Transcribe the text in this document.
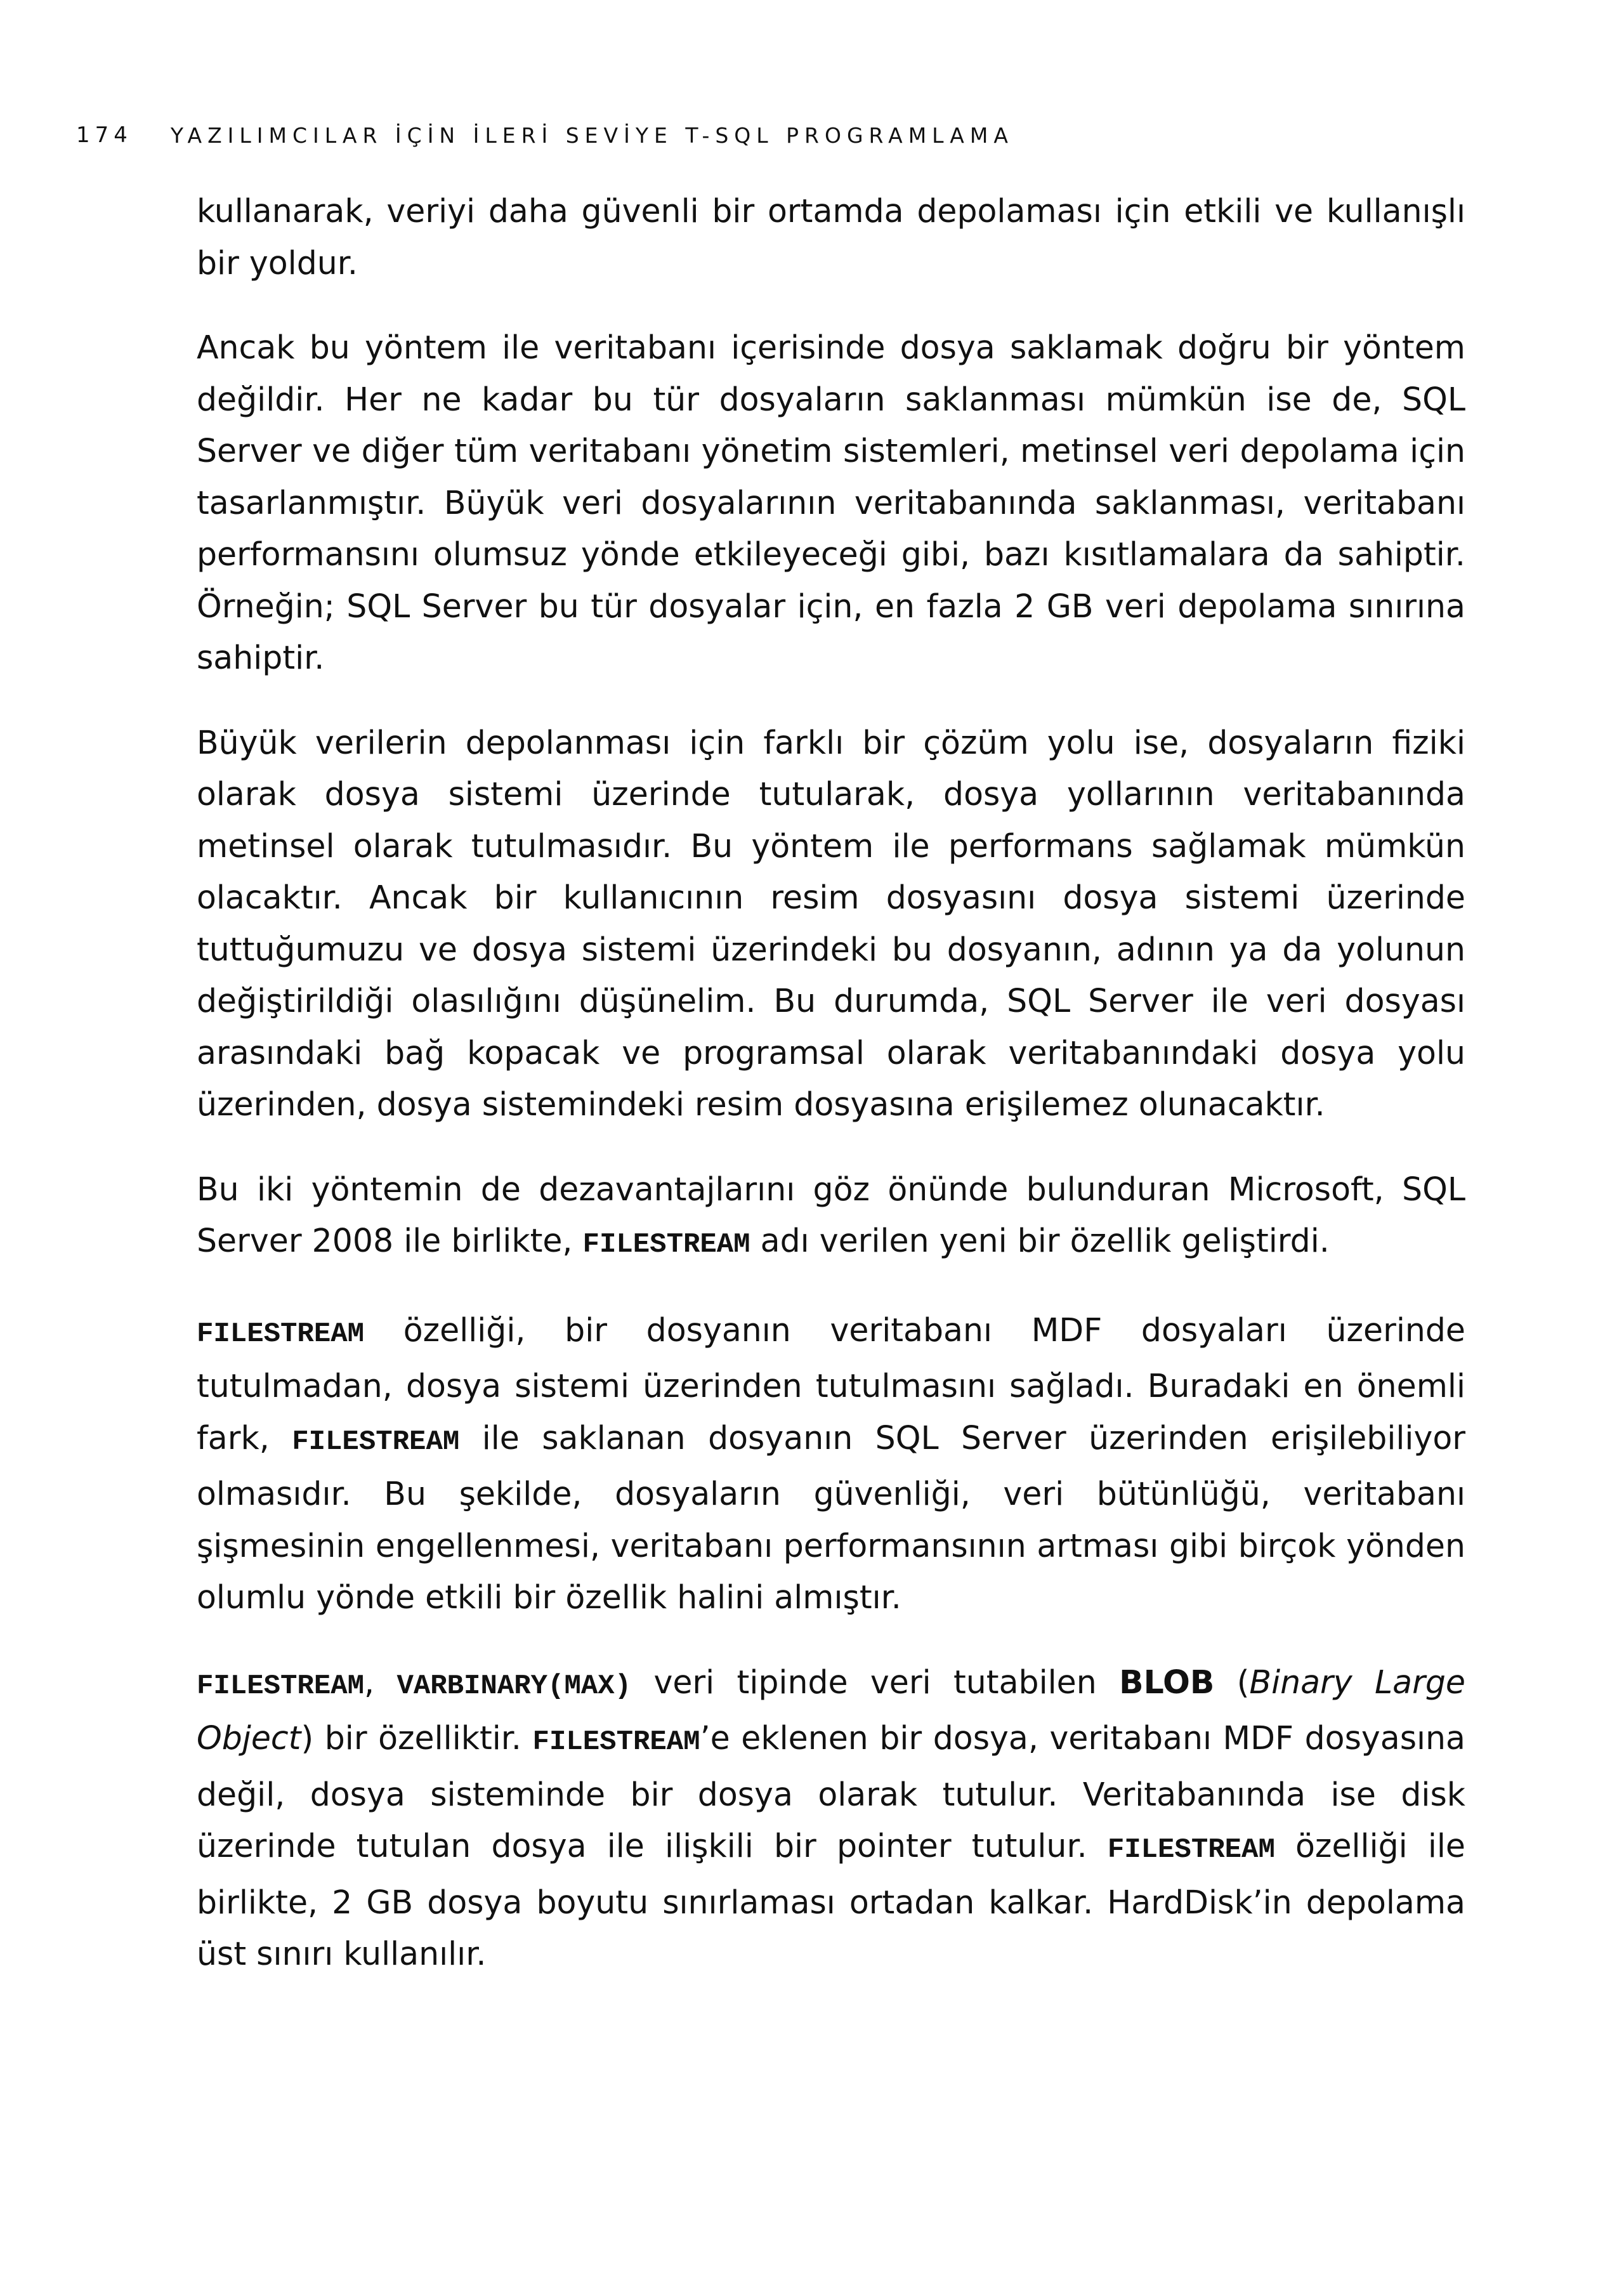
174 YAZILIMCILAR İÇİN İLERİ SEVİYE T-SQL PROGRAMLAMA

kullanarak, veriyi daha güvenli bir ortamda depolaması için etkili ve kullanışlı bir yoldur.

Ancak bu yöntem ile veritabanı içerisinde dosya saklamak doğru bir yöntem değildir. Her ne kadar bu tür dosyaların saklanması mümkün ise de, SQL Server ve diğer tüm veritabanı yönetim sistemleri, metinsel veri depolama için tasarlanmıştır. Büyük veri dosyalarının veritabanında saklanması, veritabanı performansını olumsuz yönde etkileyeceği gibi, bazı kısıtlamalara da sahiptir. Örneğin; SQL Server bu tür dosyalar için, en fazla 2 GB veri depolama sınırına sahiptir.

Büyük verilerin depolanması için farklı bir çözüm yolu ise, dosyaların fiziki olarak dosya sistemi üzerinde tutularak, dosya yollarının veritabanında metinsel olarak tutulmasıdır. Bu yöntem ile performans sağlamak mümkün olacaktır. Ancak bir kullanıcının resim dosyasını dosya sistemi üzerinde tuttuğumuzu ve dosya sistemi üzerindeki bu dosyanın, adının ya da yolunun değiştirildiği olasılığını düşünelim. Bu durumda, SQL Server ile veri dosyası arasındaki bağ kopacak ve programsal olarak veritabanındaki dosya yolu üzerinden, dosya sistemindeki resim dosyasına erişilemez olunacaktır.

Bu iki yöntemin de dezavantajlarını göz önünde bulunduran Microsoft, SQL Server 2008 ile birlikte, FILESTREAM adı verilen yeni bir özellik geliştirdi.

FILESTREAM özelliği, bir dosyanın veritabanı MDF dosyaları üzerinde tutulmadan, dosya sistemi üzerinden tutulmasını sağladı. Buradaki en önemli fark, FILESTREAM ile saklanan dosyanın SQL Server üzerinden erişilebiliyor olmasıdır. Bu şekilde, dosyaların güvenliği, veri bütünlüğü, veritabanı şişmesinin engellenmesi, veritabanı performansının artması gibi birçok yönden olumlu yönde etkili bir özellik halini almıştır.

FILESTREAM, VARBINARY(MAX) veri tipinde veri tutabilen BLOB (Binary Large Object) bir özelliktir. FILESTREAM’e eklenen bir dosya, veritabanı MDF dosyasına değil, dosya sisteminde bir dosya olarak tutulur. Veritabanında ise disk üzerinde tutulan dosya ile ilişkili bir pointer tutulur. FILESTREAM özelliği ile birlikte, 2 GB dosya boyutu sınırlaması ortadan kalkar. HardDisk’in depolama üst sınırı kullanılır.
